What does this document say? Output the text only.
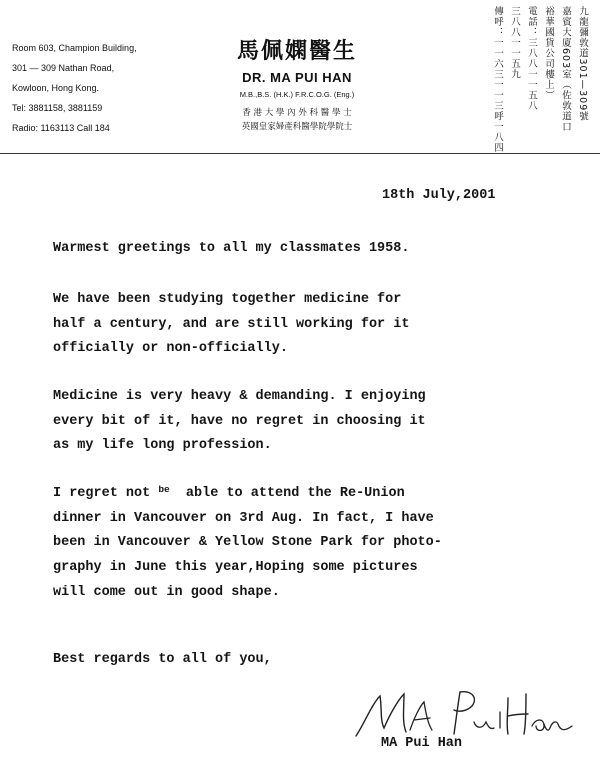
Room 603, Champion Building,
301 — 309 Nathan Road,
Kowloon, Hong Kong.
Tel: 3881158, 3881159
Radio: 1163113 Call 184
馬佩嫻醫生
DR. MA PUI HAN
M.B.,B.S. (H.K.) F.R.C.O.G. (Eng.)
香 港 大 學 內 外 科 醫 學 士
英國皇家婦產科醫學院學院士
九龍彌敦道301—309號
嘉賓大廈603室（佐敦道口
裕華國貨公司樓上）
電話：三八八一一五八
三八八一一五九
傳呼：一一六三一一三呼一八四
18th July,2001
Warmest greetings to all my classmates 1958.
We have been studying together medicine for
half a century, and are still working for it
officially or non-officially.
Medicine is very heavy & demanding. I enjoying
every bit of it, have no regret in choosing it
as my life long profession.
I regret not $^{be}$  able to attend the Re-Union
dinner in Vancouver on 3rd Aug. In fact, I have
been in Vancouver & Yellow Stone Park for photo-
graphy in June this year,Hoping some pictures
will come out in good shape.
Best regards to all of you,
MA Pui Han
